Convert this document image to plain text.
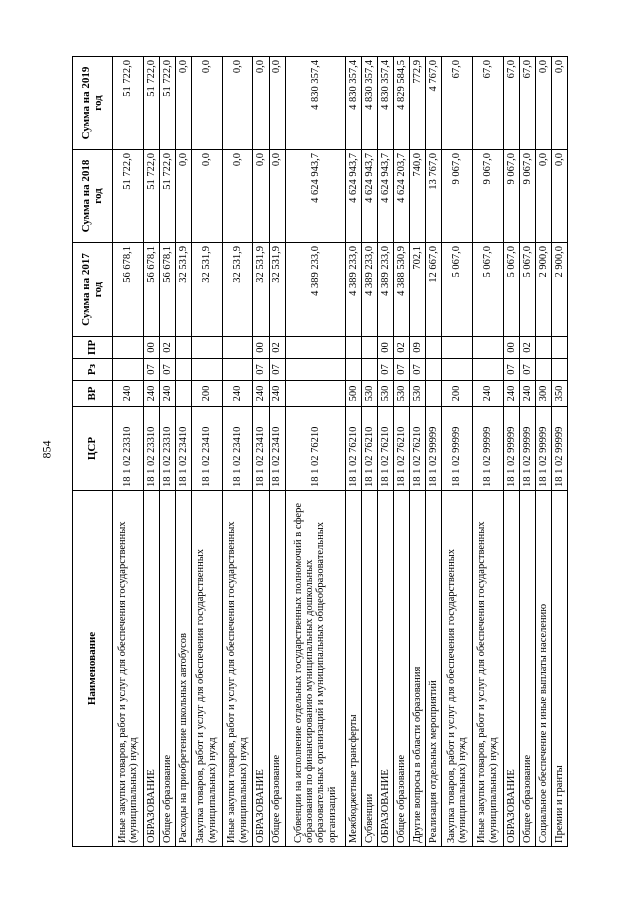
854
Наименование	ЦСР	ВР	Рз	ПР	Сумма на 2017 год	Сумма на 2018 год	Сумма на 2019 год
Иные закупки товаров, работ и услуг для обеспечения государственных (муниципальных) нужд	18 1 02 23310	240			56 678,1	51 722,0	51 722,0
ОБРАЗОВАНИЕ	18 1 02 23310	240	07	00	56 678,1	51 722,0	51 722,0
Общее образование	18 1 02 23310	240	07	02	56 678,1	51 722,0	51 722,0
Расходы на приобретение школьных автобусов	18 1 02 23410				32 531,9	0,0	0,0
Закупка товаров, работ и услуг для обеспечения государственных (муниципальных) нужд	18 1 02 23410	200			32 531,9	0,0	0,0
Иные закупки товаров, работ и услуг для обеспечения государственных (муниципальных) нужд	18 1 02 23410	240			32 531,9	0,0	0,0
ОБРАЗОВАНИЕ	18 1 02 23410	240	07	00	32 531,9	0,0	0,0
Общее образование	18 1 02 23410	240	07	02	32 531,9	0,0	0,0
Субвенции на исполнение отдельных государственных полномочий в сфере образования по финансированию муниципальных дошкольных образовательных организаций и муниципальных общеобразовательных организаций	18 1 02 76210				4 389 233,0	4 624 943,7	4 830 357,4
Межбюджетные трансферты	18 1 02 76210	500			4 389 233,0	4 624 943,7	4 830 357,4
Субвенции	18 1 02 76210	530			4 389 233,0	4 624 943,7	4 830 357,4
ОБРАЗОВАНИЕ	18 1 02 76210	530	07	00	4 389 233,0	4 624 943,7	4 830 357,4
Общее образование	18 1 02 76210	530	07	02	4 388 530,9	4 624 203,7	4 829 584,5
Другие вопросы в области образования	18 1 02 76210	530	07	09	702,1	740,0	772,9
Реализация отдельных мероприятий	18 1 02 99999				12 667,0	13 767,0	4 767,0
Закупка товаров, работ и услуг для обеспечения государственных (муниципальных) нужд	18 1 02 99999	200			5 067,0	9 067,0	67,0
Иные закупки товаров, работ и услуг для обеспечения государственных (муниципальных) нужд	18 1 02 99999	240			5 067,0	9 067,0	67,0
ОБРАЗОВАНИЕ	18 1 02 99999	240	07	00	5 067,0	9 067,0	67,0
Общее образование	18 1 02 99999	240	07	02	5 067,0	9 067,0	67,0
Социальное обеспечение и иные выплаты населению	18 1 02 99999	300			2 900,0	0,0	0,0
Премии и гранты	18 1 02 99999	350			2 900,0	0,0	0,0
